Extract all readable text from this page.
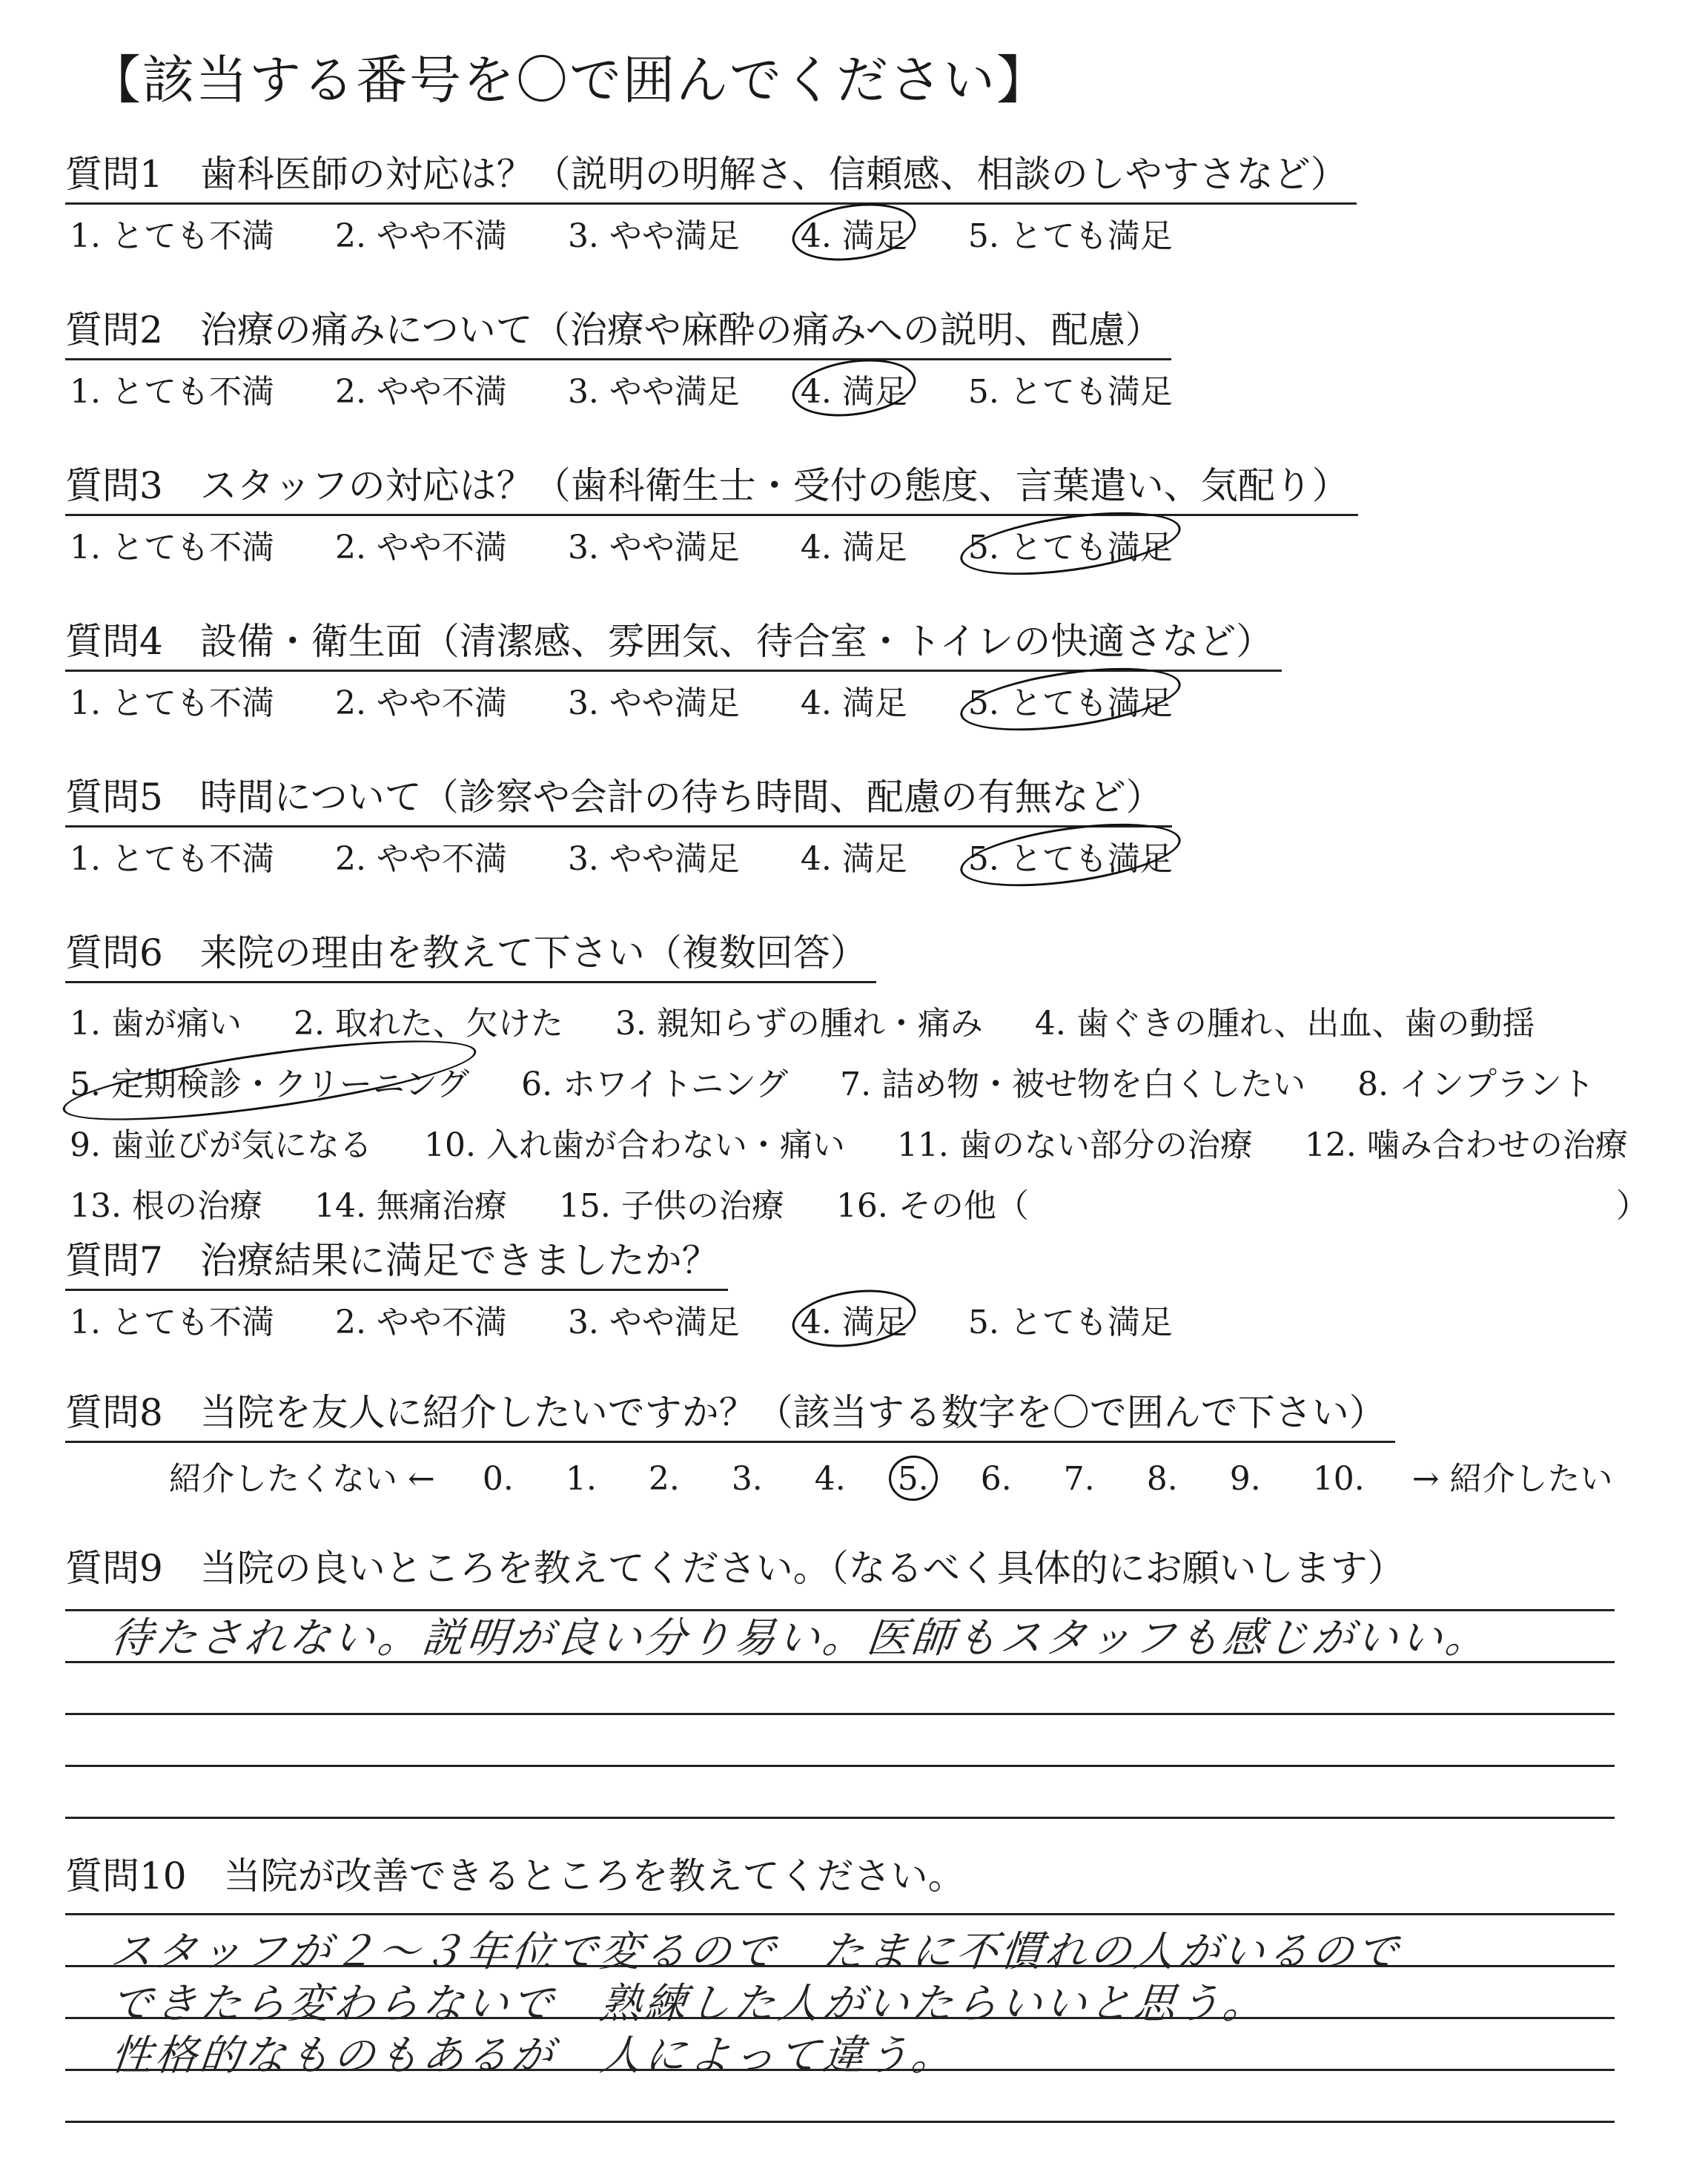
【該当する番号を〇で囲んでください】
質問1　歯科医師の対応は？（説明の明解さ、信頼感、相談のしやすさなど）
1. とても不満 2. やや不満 3. やや満足 4. 満足 5. とても満足
質問2　治療の痛みについて（治療や麻酔の痛みへの説明、配慮）
1. とても不満 2. やや不満 3. やや満足 4. 満足 5. とても満足
質問3　スタッフの対応は？（歯科衛生士・受付の態度、言葉遣い、気配り）
1. とても不満 2. やや不満 3. やや満足 4. 満足 5. とても満足
質問4　設備・衛生面（清潔感、雰囲気、待合室・トイレの快適さなど）
1. とても不満 2. やや不満 3. やや満足 4. 満足 5. とても満足
質問5　時間について（診察や会計の待ち時間、配慮の有無など）
1. とても不満 2. やや不満 3. やや満足 4. 満足 5. とても満足
質問6　来院の理由を教えて下さい（複数回答）
1. 歯が痛い 2. 取れた、欠けた 3. 親知らずの腫れ・痛み 4. 歯ぐきの腫れ、出血、歯の動揺
5. 定期検診・クリーニング 6. ホワイトニング 7. 詰め物・被せ物を白くしたい 8. インプラント
9. 歯並びが気になる 10. 入れ歯が合わない・痛い 11. 歯のない部分の治療 12. 噛み合わせの治療
13. 根の治療 14. 無痛治療 15. 子供の治療 16. その他（　　　　　　　　　　　　　　　　　　）
質問7　治療結果に満足できましたか？
1. とても不満 2. やや不満 3. やや満足 4. 満足 5. とても満足
質問8　当院を友人に紹介したいですか？（該当する数字を〇で囲んで下さい）
紹介したくない ← 0. 1. 2. 3. 4. 5. 6. 7. 8. 9. 10. → 紹介したい
質問9　当院の良いところを教えてください。（なるべく具体的にお願いします）
待たされない。説明が良い分り易い。医師もスタッフも感じがいい。
質問10　当院が改善できるところを教えてください。
スタッフが２〜３年位で変るので　たまに不慣れの人がいるので
できたら変わらないで　熟練した人がいたらいいと思う。
性格的なものもあるが　人によって違う。
